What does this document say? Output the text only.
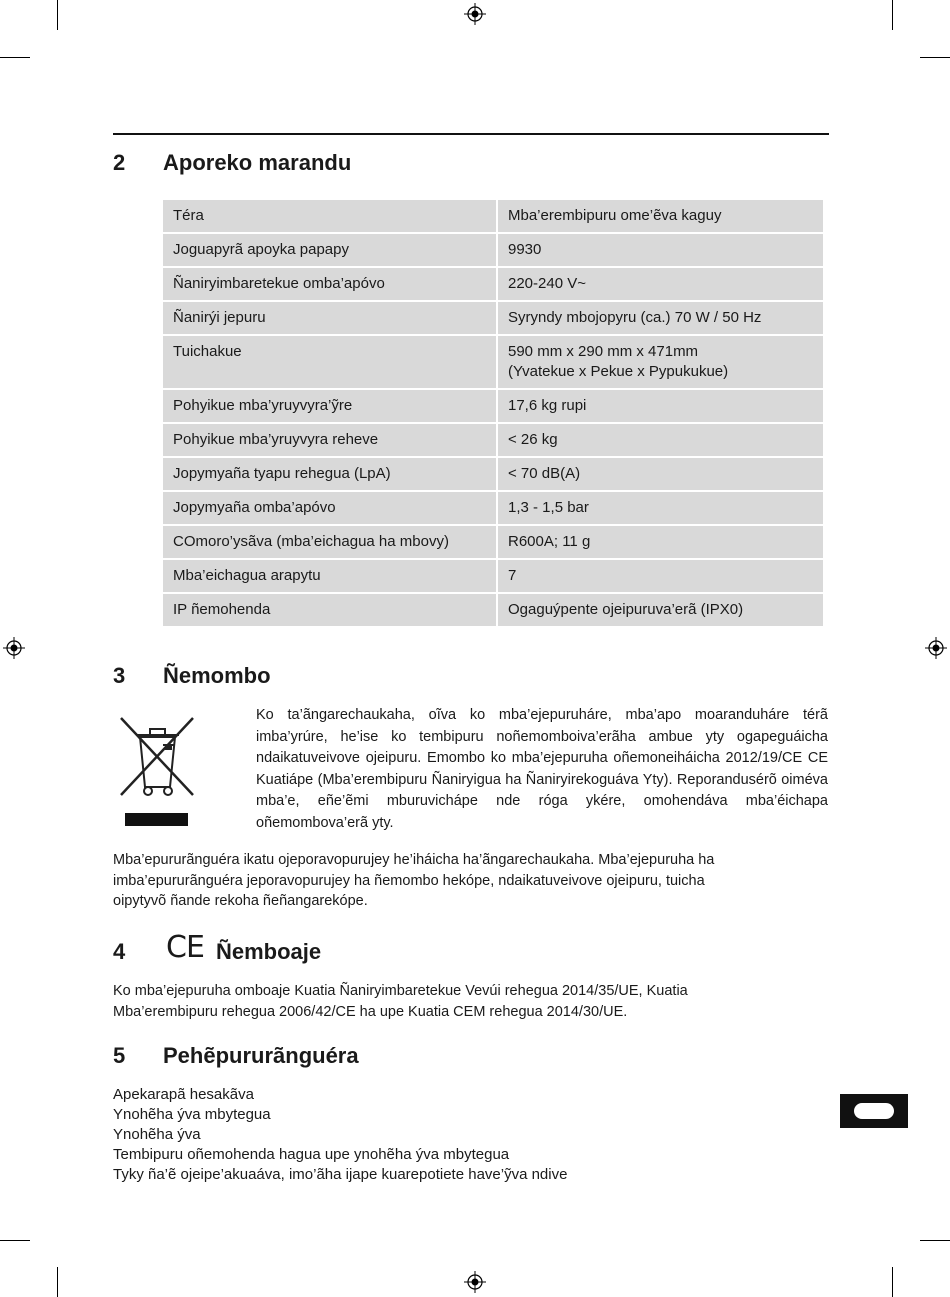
2 Aporeko marandu
Téra	Mba’erembipuru ome’ẽva kaguy
Joguapyrã apoyka papapy	9930
Ñaniryimbaretekue omba’apóvo	220-240 V~
Ñanirýi jepuru	Syryndy mbojopyru (ca.) 70 W / 50 Hz
Tuichakue	590 mm x 290 mm x 471mm
(Yvatekue x Pekue x Pypukukue)

Pohyikue mba’yruyvyra’ỹre	17,6 kg rupi
Pohyikue mba’yruyvyra reheve	< 26 kg
Jopymyaña tyapu rehegua (LpA)	< 70 dB(A)
Jopymyaña omba’apóvo	1,3 - 1,5 bar
COmoro’ysãva (mba’eichagua ha mbovy)	R600A; 11 g
Mba’eichagua arapytu	7
IP ñemohenda	Ogaguýpente ojeipuruva’erã (IPX0)
3 Ñemombo
Ko ta’ãngarechaukaha, oĩva ko mba’ejepuruháre, mba’apo moaranduháre térã imba’yrúre, he’ise ko tembipuru noñemomboiva’erãha ambue yty ogapeguáicha ndaikatuveivove ojeipuru. Emombo ko mba’ejepuruha oñemoneiháicha 2012/19/CE CE Kuatiápe (Mba’erembipuru Ñaniryigua ha Ñaniryirekoguáva Yty). Reporandusérõ oiméva mba’e, eñe’ẽmi mburuvichápe nde róga ykére, omohendáva mba’éichapa oñemombova’erã yty.
Mba’epururãnguéra ikatu ojeporavopurujey he’iháicha ha’ãngarechaukaha. Mba’ejepuruha ha
imba’epururãnguéra jeporavopurujey ha ñemombo hekópe, ndaikatuveivove ojeipuru, tuicha
oipytyvõ ñande rekoha ñeñangarekópe.
4 CE Ñemboaje
Ko mba’ejepuruha omboaje Kuatia Ñaniryimbaretekue Vevúi rehegua 2014/35/UE, Kuatia
Mba’erembipuru rehegua 2006/42/CE ha upe Kuatia CEM rehegua 2014/30/UE.
5 Pehẽpururãnguéra
Apekarapã hesakãva
Ynohẽha ýva mbytegua
Ynohẽha ýva
Tembipuru oñemohenda hagua upe ynohẽha ýva mbytegua
Tyky ña’ẽ ojeipe’akuaáva, imo’ãha ijape kuarepotiete have’ỹva ndive
